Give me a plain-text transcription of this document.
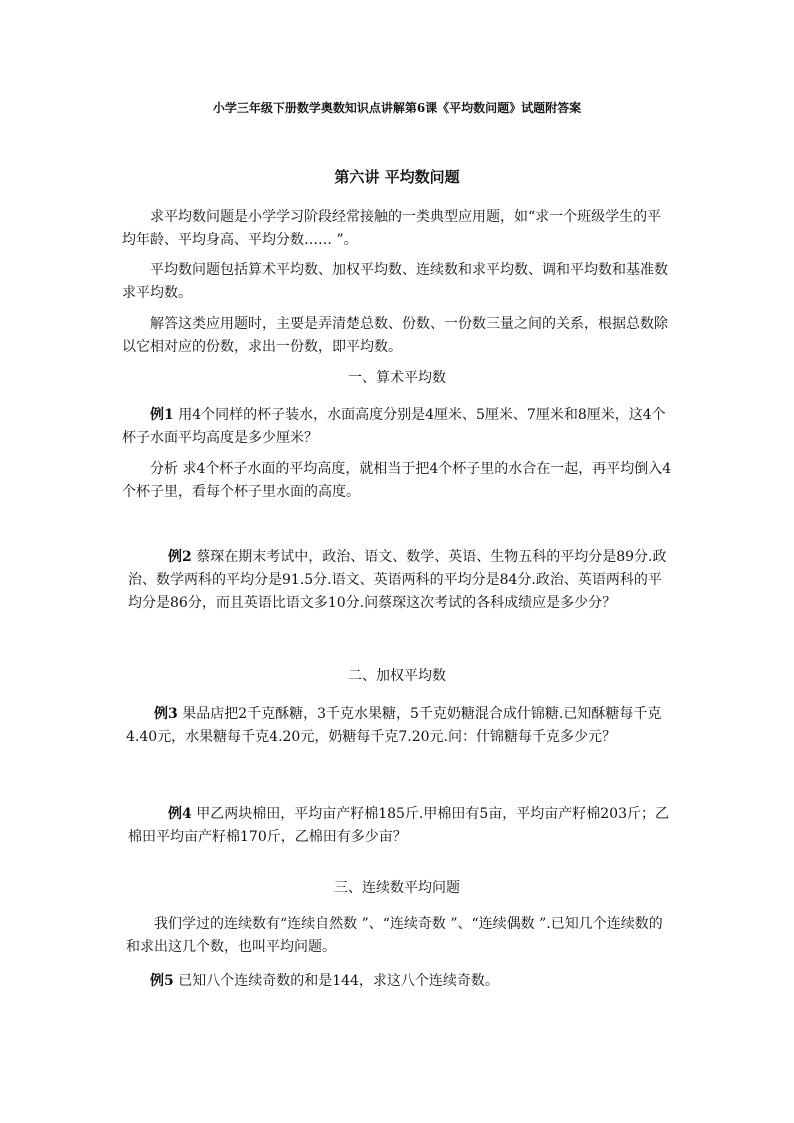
小学三年级下册数学奥数知识点讲解第6课《平均数问题》试题附答案
第六讲 平均数问题

求平均数问题是小学学习阶段经常接触的一类典型应用题，如“求一个班级学生的平均年龄、平均身高、平均分数…… ”。

平均数问题包括算术平均数、加权平均数、连续数和求平均数、调和平均数和基准数求平均数。

解答这类应用题时，主要是弄清楚总数、份数、一份数三量之间的关系，根据总数除以它相对应的份数，求出一份数，即平均数。

一、算术平均数

例1 用4个同样的杯子装水，水面高度分别是4厘米、5厘米、7厘米和8厘米，这4个杯子水面平均高度是多少厘米？

分析 求4个杯子水面的平均高度，就相当于把4个杯子里的水合在一起，再平均倒入4个杯子里，看每个杯子里水面的高度。

例2 蔡琛在期末考试中，政治、语文、数学、英语、生物五科的平均分是89分.政治、数学两科的平均分是91.5分.语文、英语两科的平均分是84分.政治、英语两科的平均分是86分，而且英语比语文多10分.问蔡琛这次考试的各科成绩应是多少分？

二、加权平均数

例3 果品店把2千克酥糖，3千克水果糖，5千克奶糖混合成什锦糖.已知酥糖每千克4.40元，水果糖每千克4.20元，奶糖每千克7.20元.问：什锦糖每千克多少元？

例4 甲乙两块棉田，平均亩产籽棉185斤.甲棉田有5亩，平均亩产籽棉203斤；乙棉田平均亩产籽棉170斤，乙棉田有多少亩？

三、连续数平均问题

我们学过的连续数有“连续自然数 ”、“连续奇数 ”、“连续偶数 ”.已知几个连续数的和求出这几个数，也叫平均问题。

例5 已知八个连续奇数的和是144，求这八个连续奇数。
